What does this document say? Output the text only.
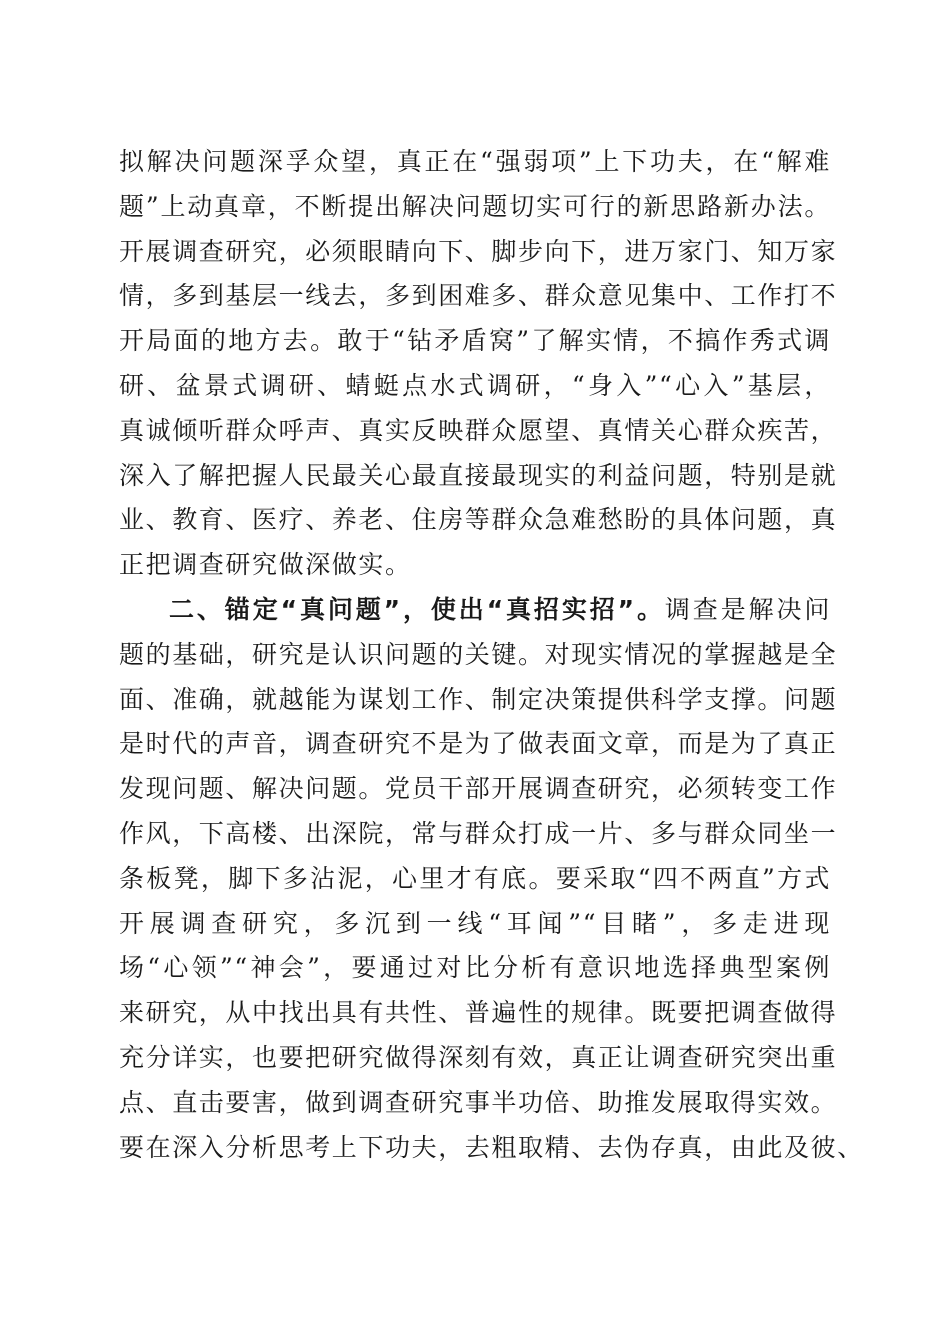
拟解决问题深孚众望，真正在“强弱项”上下功夫，在“解难
题”上动真章，不断提出解决问题切实可行的新思路新办法。
开展调查研究，必须眼睛向下、脚步向下，进万家门、知万家
情，多到基层一线去，多到困难多、群众意见集中、工作打不
开局面的地方去。敢于“钻矛盾窝”了解实情，不搞作秀式调
研、盆景式调研、蜻蜓点水式调研，“身入”“心入”基层，
真诚倾听群众呼声、真实反映群众愿望、真情关心群众疾苦，
深入了解把握人民最关心最直接最现实的利益问题，特别是就
业、教育、医疗、养老、住房等群众急难愁盼的具体问题，真
正把调查研究做深做实。
二、锚定“真问题”，使出“真招实招”。调查是解决问
题的基础，研究是认识问题的关键。对现实情况的掌握越是全
面、准确，就越能为谋划工作、制定决策提供科学支撑。问题
是时代的声音，调查研究不是为了做表面文章，而是为了真正
发现问题、解决问题。党员干部开展调查研究，必须转变工作
作风，下高楼、出深院，常与群众打成一片、多与群众同坐一
条板凳，脚下多沾泥，心里才有底。要采取“四不两直”方式
开展调查研究，多沉到一线“耳闻”“目睹”，多走进现
场“心领”“神会”，要通过对比分析有意识地选择典型案例
来研究，从中找出具有共性、普遍性的规律。既要把调查做得
充分详实，也要把研究做得深刻有效，真正让调查研究突出重
点、直击要害，做到调查研究事半功倍、助推发展取得实效。
要在深入分析思考上下功夫，去粗取精、去伪存真，由此及彼、
